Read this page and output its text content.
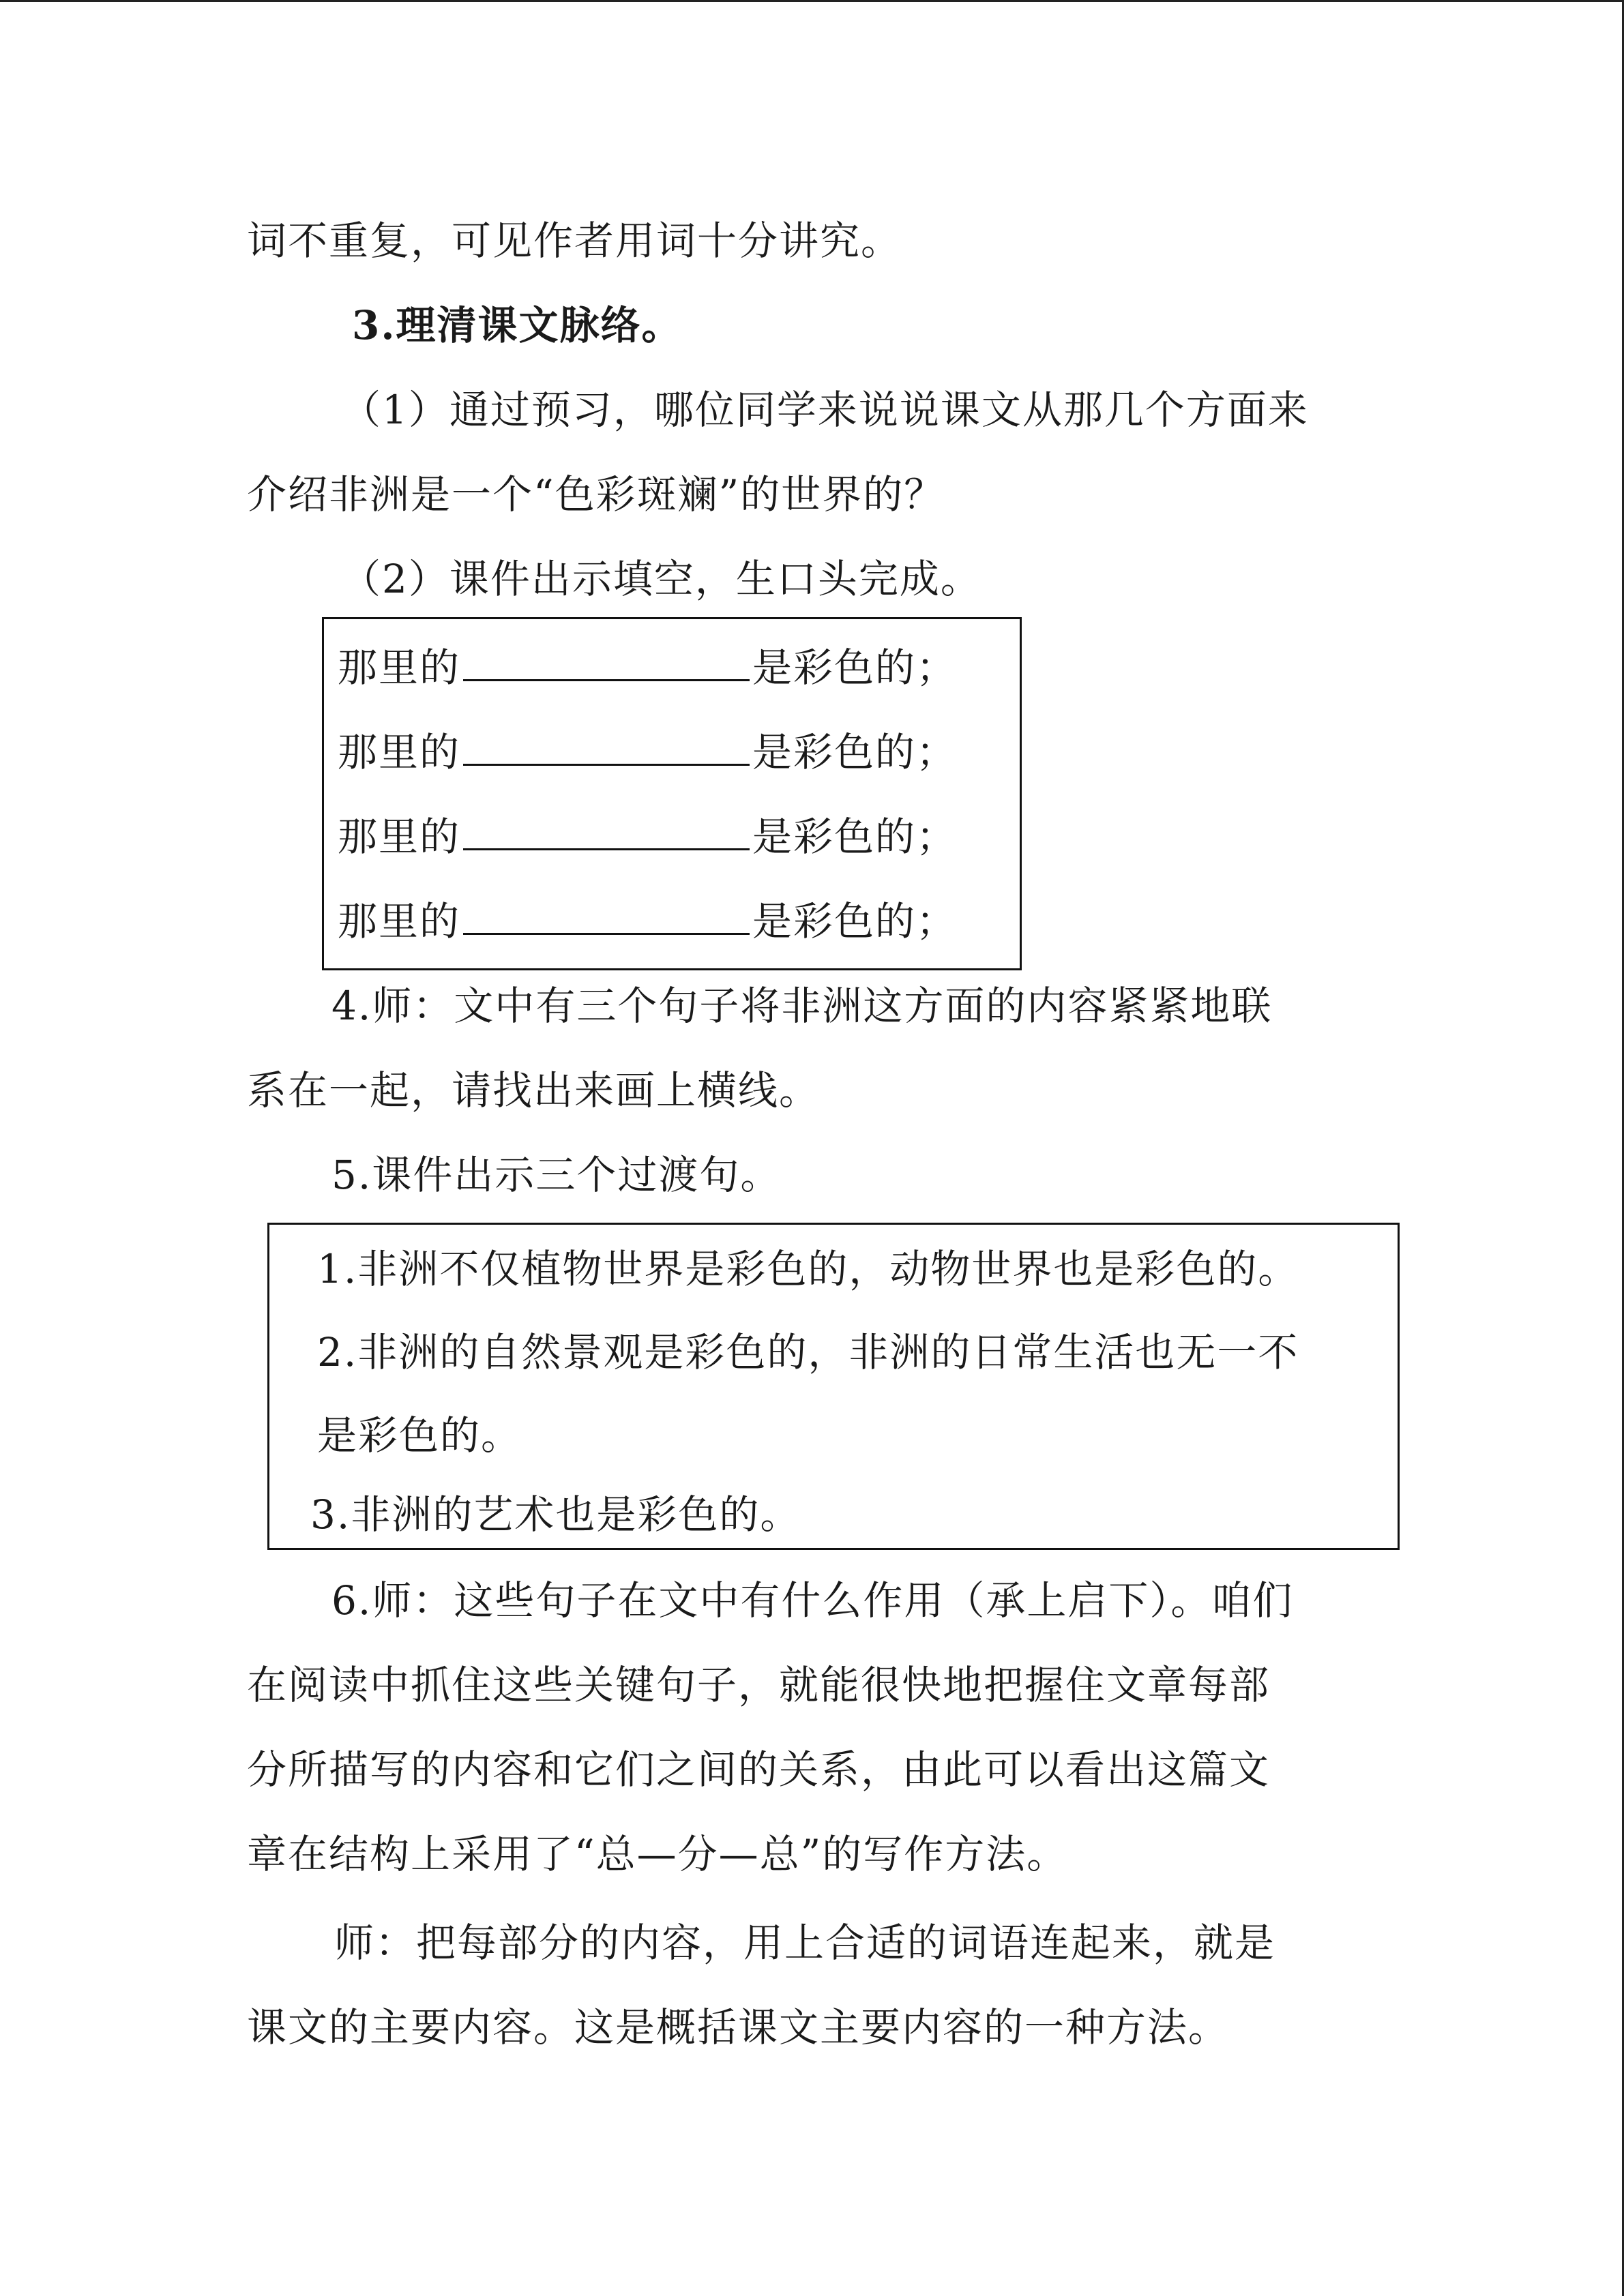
词不重复，可见作者用词十分讲究。
3.理清课文脉络。
（1）通过预习，哪位同学来说说课文从那几个方面来
介绍非洲是一个“色彩斑斓”的世界的？
（2）课件出示填空，生口头完成。
那里的	是彩色的；
那里的	是彩色的；
那里的	是彩色的；
那里的	是彩色的；
4.师：文中有三个句子将非洲这方面的内容紧紧地联
系在一起，请找出来画上横线。
5.课件出示三个过渡句。
1.非洲不仅植物世界是彩色的，动物世界也是彩色的。
2.非洲的自然景观是彩色的，非洲的日常生活也无一不
是彩色的。
3.非洲的艺术也是彩色的。
6.师：这些句子在文中有什么作用（承上启下）。咱们
在阅读中抓住这些关键句子，就能很快地把握住文章每部
分所描写的内容和它们之间的关系，由此可以看出这篇文
章在结构上采用了“总—分—总”的写作方法。
师：把每部分的内容，用上合适的词语连起来，就是
课文的主要内容。这是概括课文主要内容的一种方法。
